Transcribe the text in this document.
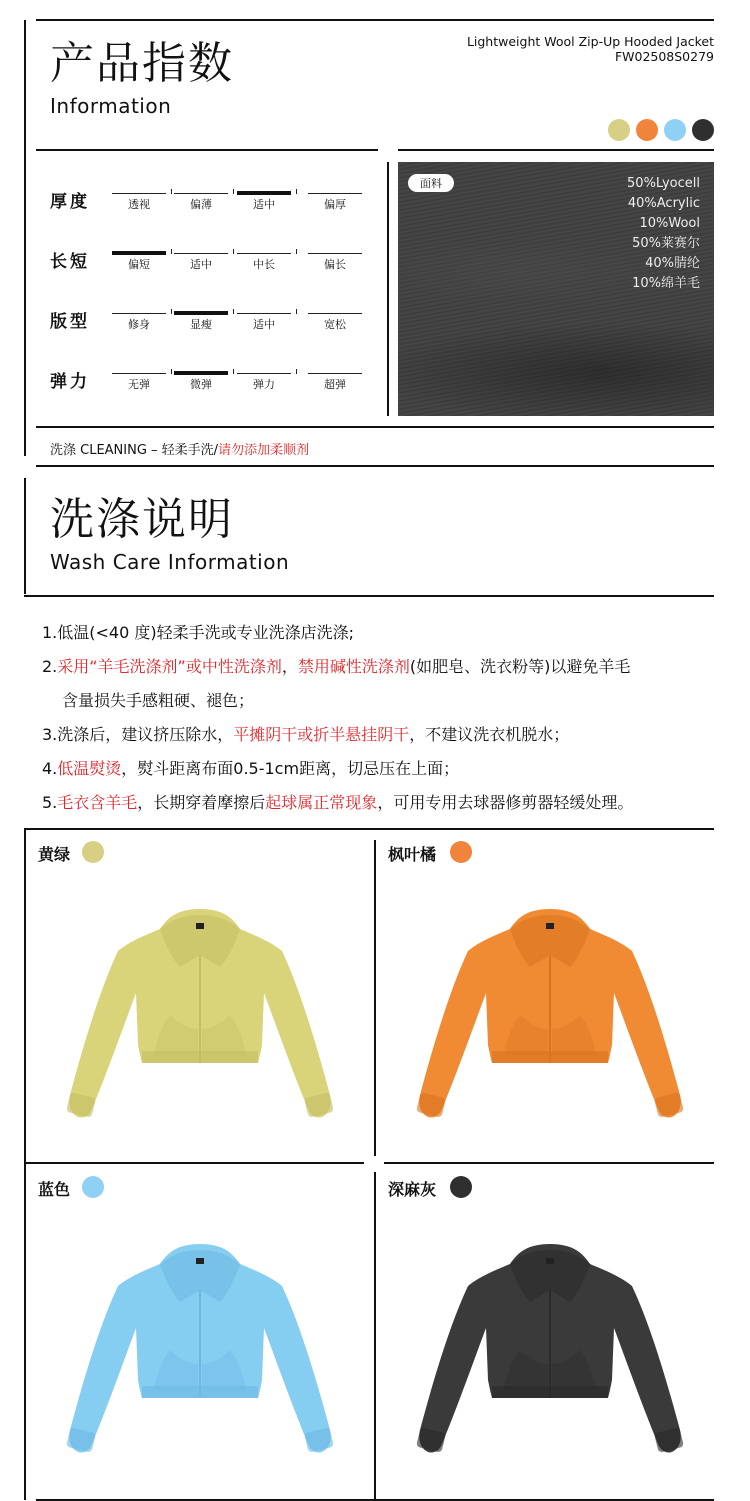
产品指数
Information
Lightweight Wool Zip-Up Hooded Jacket
FW02508S0279
厚度	透视	偏薄	适中	偏厚
长短	偏短	适中	中长	偏长
版型	修身	显瘦	适中	宽松
弹力	无弹	微弹	弹力	超弹
面料	50%Lyocell
40%Acrylic
10%Wool
50%莱赛尔
40%腈纶
10%绵羊毛
洗涤 CLEANING – 轻柔手洗/请勿添加柔顺剂
洗涤说明
Wash Care Information
1.低温(<40 度)轻柔手洗或专业洗涤店洗涤;
2.采用“羊毛洗涤剂”或中性洗涤剂，禁用碱性洗涤剂(如肥皂、洗衣粉等)以避免羊毛
含量损失手感粗硬、褪色；
3.洗涤后，建议挤压除水，平摊阴干或折半悬挂阴干，不建议洗衣机脱水；
4.低温熨烫，熨斗距离布面0.5-1cm距离，切忌压在上面；
5.毛衣含羊毛，长期穿着摩擦后起球属正常现象，可用专用去球器修剪器轻缓处理。
黄绿	枫叶橘
蓝色	深麻灰
